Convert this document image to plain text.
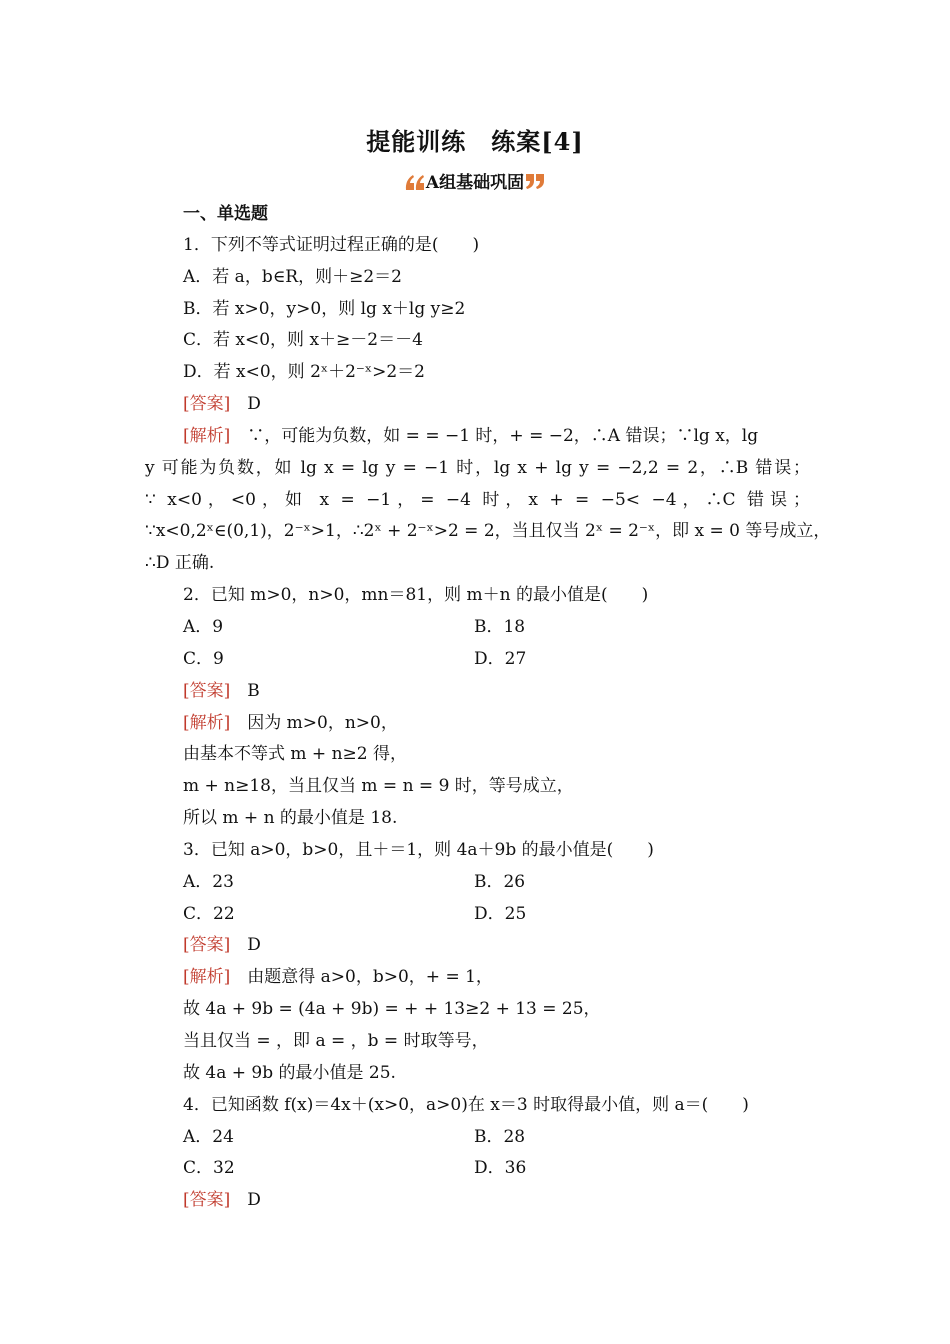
提能训练　练案[4]
A组基础巩固
一、单选题
1．下列不等式证明过程正确的是(　　)
A．若 a，b∈R，则＋≥2＝2
B．若 x>0，y>0，则 lg x＋lg y≥2
C．若 x<0，则 x＋≥－2＝－4
D．若 x<0，则 2ˣ＋2⁻ˣ>2＝2
[答案]　 D
[解析]　 ∵，可能为负数，如 = = −1 时，+ = −2，∴A 错误；∵lg x，lg
y 可能为负数，如 lg x = lg y = −1 时，lg x + lg y = −2,2 = 2，∴B 错误；
∵ x<0，<0，如 x = −1，= −4 时，x + = −5< −4，∴C 错误；
∵x<0,2ˣ∈(0,1)，2⁻ˣ>1，∴2ˣ + 2⁻ˣ>2 = 2，当且仅当 2ˣ = 2⁻ˣ，即 x = 0 等号成立，
∴D 正确.
2．已知 m>0，n>0，mn＝81，则 m＋n 的最小值是(　　)
A．9	B．18
C．9	D．27
[答案]　 B
[解析]　 因为 m>0，n>0，
由基本不等式 m + n≥2 得，
m + n≥18，当且仅当 m = n = 9 时，等号成立，
所以 m + n 的最小值是 18.
3．已知 a>0，b>0，且＋＝1，则 4a＋9b 的最小值是(　　)
A．23	B．26
C．22	D．25
[答案]　 D
[解析]　 由题意得 a>0，b>0，+ = 1，
故 4a + 9b = (4a + 9b) = + + 13≥2 + 13 = 25，
当且仅当 = ，即 a = ，b = 时取等号，
故 4a + 9b 的最小值是 25.
4．已知函数 f(x)＝4x＋(x>0，a>0)在 x＝3 时取得最小值，则 a＝(　　)
A．24	B．28
C．32	D．36
[答案]　 D
